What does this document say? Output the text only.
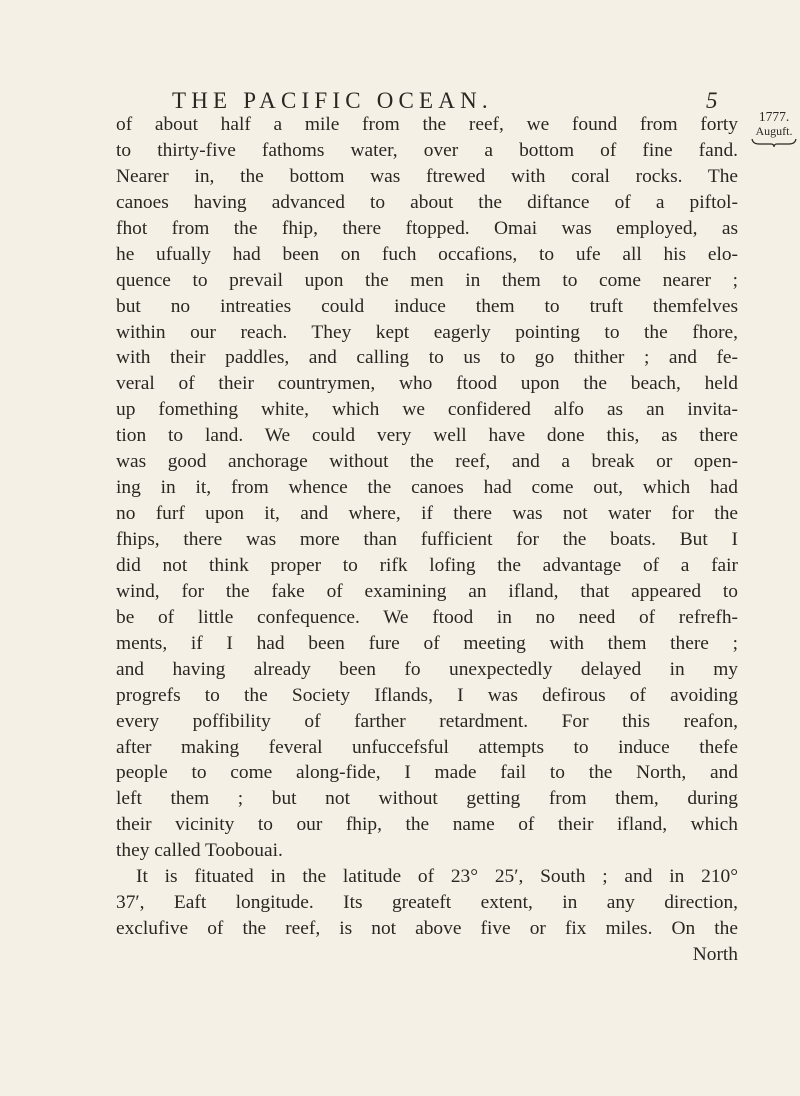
THE PACIFIC OCEAN.	5
1777.
Auguft.
of about half a mile from the reef, we found from forty
to thirty-five fathoms water, over a bottom of fine fand.
Nearer in, the bottom was ftrewed with coral rocks. The
canoes having advanced to about the diftance of a piftol-
fhot from the fhip, there ftopped. Omai was employed, as
he ufually had been on fuch occafions, to ufe all his elo-
quence to prevail upon the men in them to come nearer ;
but no intreaties could induce them to truft themfelves
within our reach. They kept eagerly pointing to the fhore,
with their paddles, and calling to us to go thither ; and fe-
veral of their countrymen, who ftood upon the beach, held
up fomething white, which we confidered alfo as an invita-
tion to land. We could very well have done this, as there
was good anchorage without the reef, and a break or open-
ing in it, from whence the canoes had come out, which had
no furf upon it, and where, if there was not water for the
fhips, there was more than fufficient for the boats. But I
did not think proper to rifk lofing the advantage of a fair
wind, for the fake of examining an ifland, that appeared to
be of little confequence. We ftood in no need of refrefh-
ments, if I had been fure of meeting with them there ;
and having already been fo unexpectedly delayed in my
progrefs to the Society Iflands, I was defirous of avoiding
every poffibility of farther retardment. For this reafon,
after making feveral unfuccefsful attempts to induce thefe
people to come along-fide, I made fail to the North, and
left them ; but not without getting from them, during
their vicinity to our fhip, the name of their ifland, which
they called Toobouai.
It is fituated in the latitude of 23° 25′, South ; and in 210°
37′, Eaft longitude. Its greateft extent, in any direction,
exclufive of the reef, is not above five or fix miles. On the
North
